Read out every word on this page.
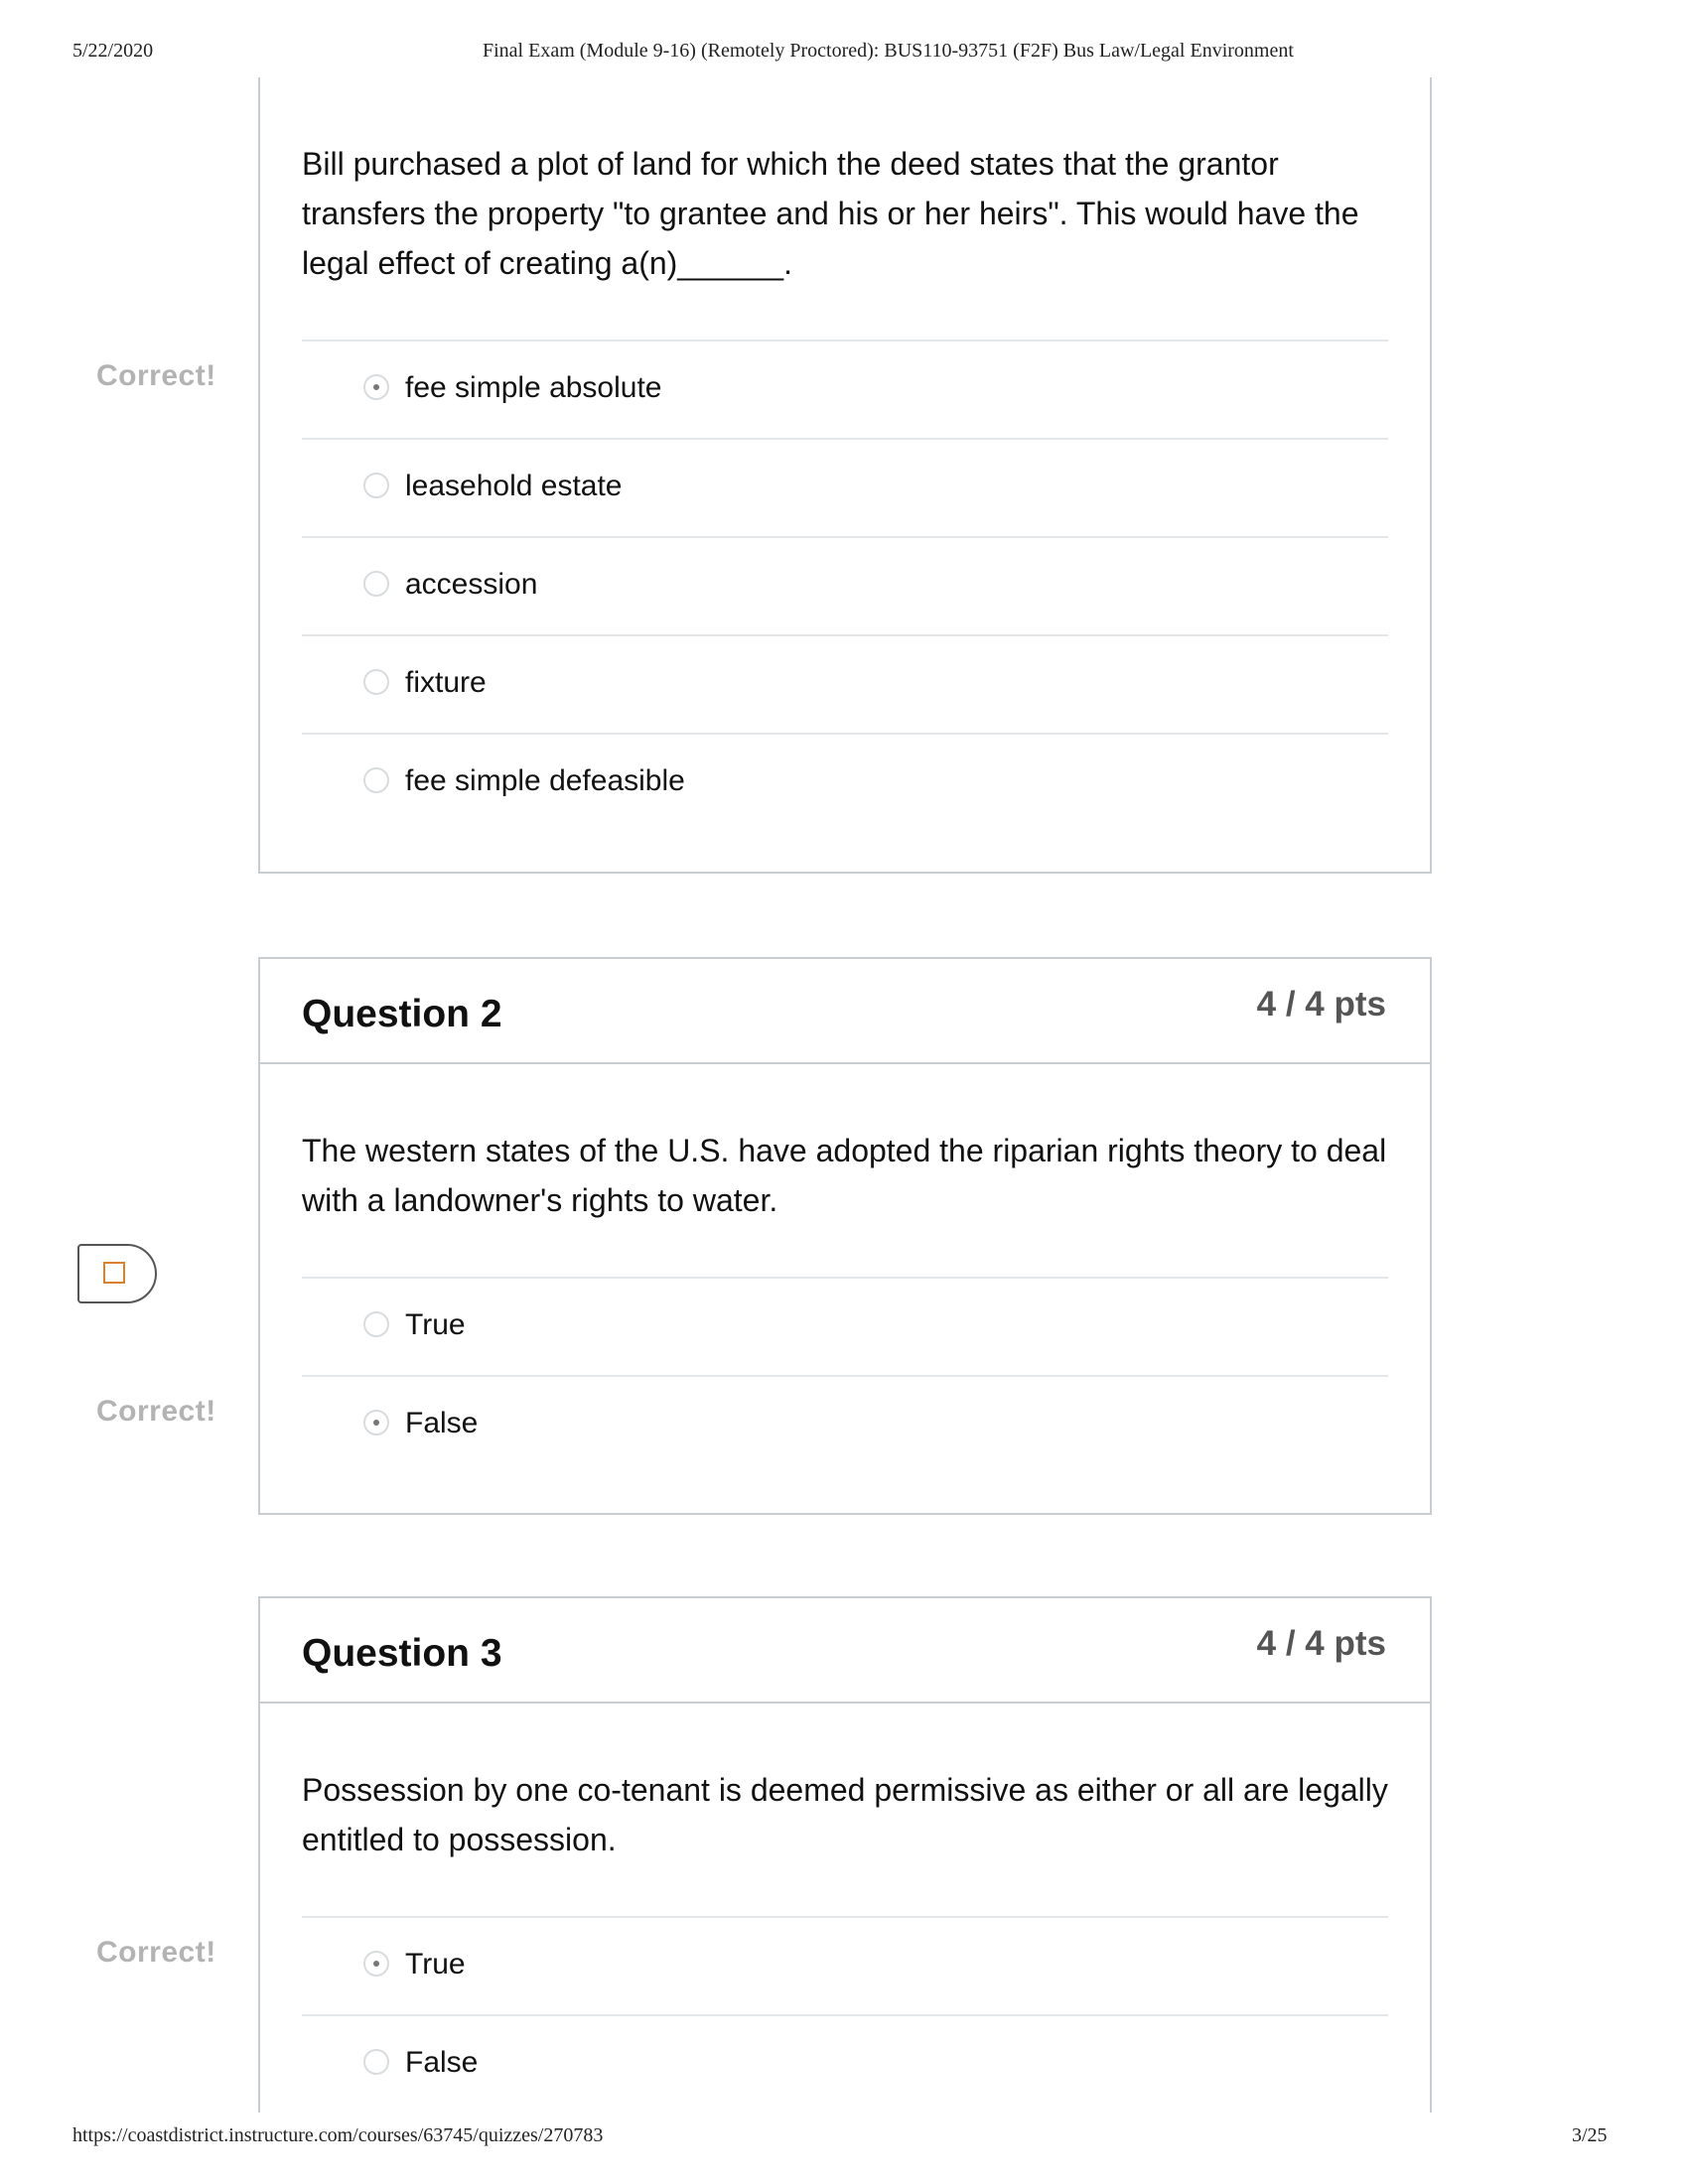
5/22/2020	Final Exam (Module 9-16) (Remotely Proctored): BUS110-93751 (F2F) Bus Law/Legal Environment

Bill purchased a plot of land for which the deed states that the grantor transfers the property "to grantee and his or her heirs". This would have the legal effect of creating a(n)______.

fee simple absolute
leasehold estate
accession
fixture
fee simple defeasible
Correct!
Question 2	4 / 4 pts

The western states of the U.S. have adopted the riparian rights theory to deal with a landowner's rights to water.

True
False
Correct!
Question 3	4 / 4 pts

Possession by one co-tenant is deemed permissive as either or all are legally entitled to possession.

True
False
Correct!
https://coastdistrict.instructure.com/courses/63745/quizzes/270783	3/25
